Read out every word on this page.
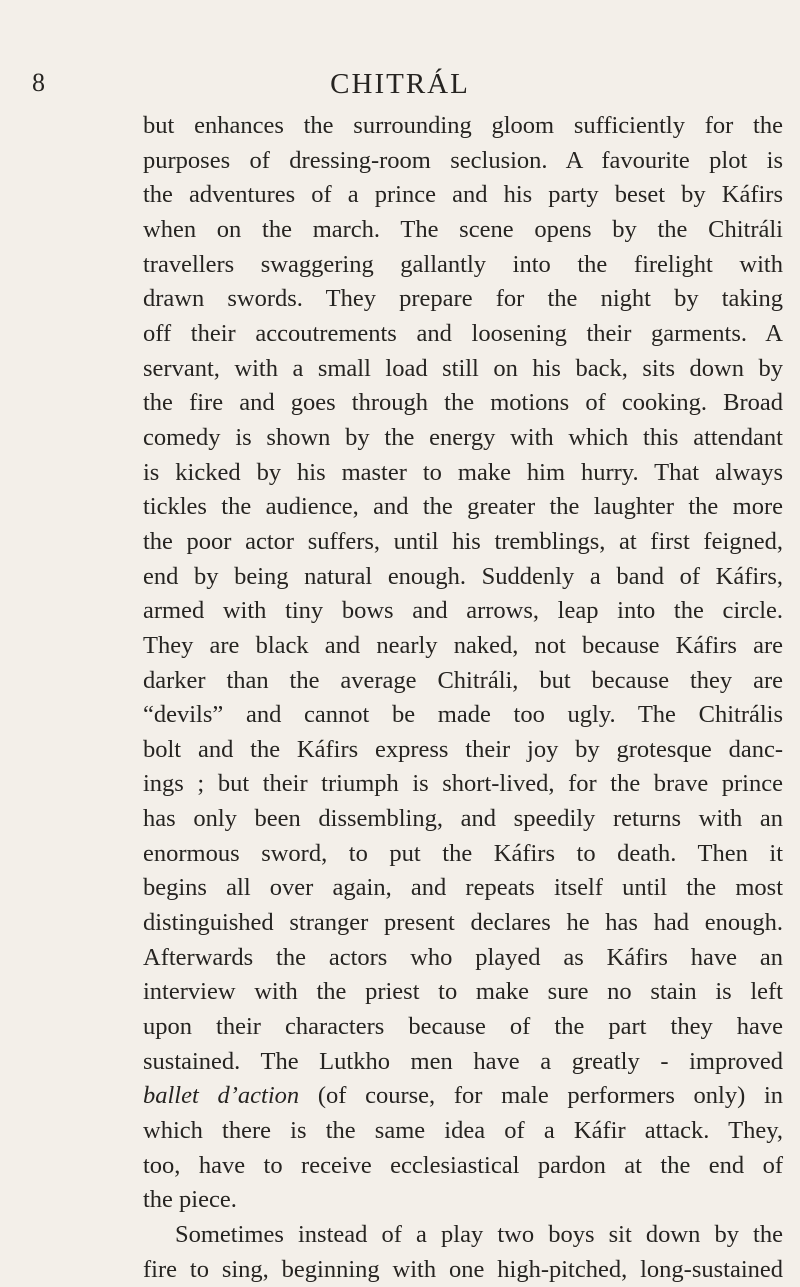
8	CHITRÁL
but enhances the surrounding gloom sufficiently for the
purposes of dressing-room seclusion. A favourite plot is
the adventures of a prince and his party beset by Káfirs
when on the march. The scene opens by the Chitráli
travellers swaggering gallantly into the firelight with
drawn swords. They prepare for the night by taking
off their accoutrements and loosening their garments. A
servant, with a small load still on his back, sits down by
the fire and goes through the motions of cooking. Broad
comedy is shown by the energy with which this attendant
is kicked by his master to make him hurry. That always
tickles the audience, and the greater the laughter the more
the poor actor suffers, until his tremblings, at first feigned,
end by being natural enough. Suddenly a band of Káfirs,
armed with tiny bows and arrows, leap into the circle.
They are black and nearly naked, not because Káfirs are
darker than the average Chitráli, but because they are
“devils” and cannot be made too ugly. The Chitrális
bolt and the Káfirs express their joy by grotesque danc-
ings ; but their triumph is short-lived, for the brave prince
has only been dissembling, and speedily returns with an
enormous sword, to put the Káfirs to death. Then it
begins all over again, and repeats itself until the most
distinguished stranger present declares he has had enough.
Afterwards the actors who played as Káfirs have an
interview with the priest to make sure no stain is left
upon their characters because of the part they have
sustained. The Lutkho men have a greatly - improved
ballet d’action (of course, for male performers only) in
which there is the same idea of a Káfir attack. They,
too, have to receive ecclesiastical pardon at the end of
the piece.
Sometimes instead of a play two boys sit down by the
fire to sing, beginning with one high-pitched, long-sustained
